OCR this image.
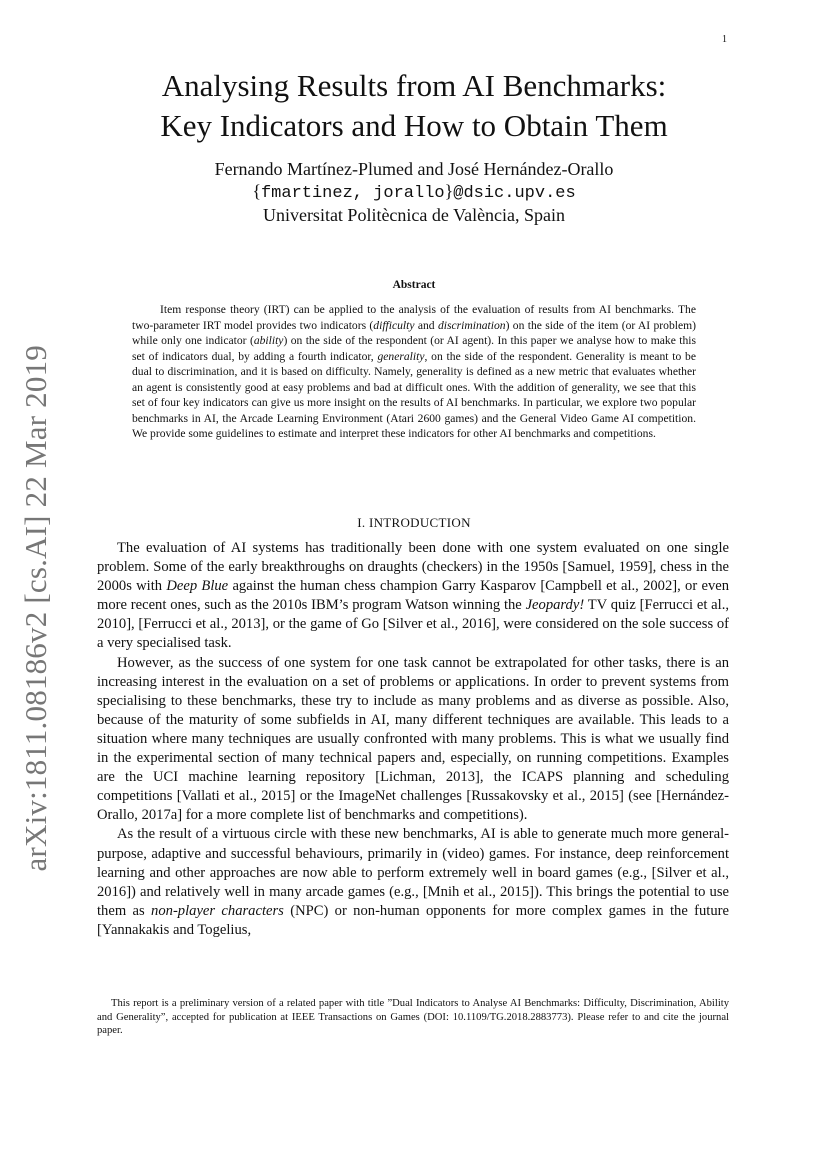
1
arXiv:1811.08186v2 [cs.AI] 22 Mar 2019
Analysing Results from AI Benchmarks:
Key Indicators and How to Obtain Them
Fernando Martínez-Plumed and José Hernández-Orallo
{fmartinez, jorallo}@dsic.upv.es
Universitat Politècnica de València, Spain
Abstract

Item response theory (IRT) can be applied to the analysis of the evaluation of results from AI benchmarks. The two-parameter IRT model provides two indicators (difficulty and discrimination) on the side of the item (or AI problem) while only one indicator (ability) on the side of the respondent (or AI agent). In this paper we analyse how to make this set of indicators dual, by adding a fourth indicator, generality, on the side of the respondent. Generality is meant to be dual to discrimination, and it is based on difficulty. Namely, generality is defined as a new metric that evaluates whether an agent is consistently good at easy problems and bad at difficult ones. With the addition of generality, we see that this set of four key indicators can give us more insight on the results of AI benchmarks. In particular, we explore two popular benchmarks in AI, the Arcade Learning Environment (Atari 2600 games) and the General Video Game AI competition. We provide some guidelines to estimate and interpret these indicators for other AI benchmarks and competitions.

I. INTRODUCTION

The evaluation of AI systems has traditionally been done with one system evaluated on one single problem. Some of the early breakthroughs on draughts (checkers) in the 1950s [Samuel, 1959], chess in the 2000s with Deep Blue against the human chess champion Garry Kasparov [Campbell et al., 2002], or even more recent ones, such as the 2010s IBM’s program Watson winning the Jeopardy! TV quiz [Ferrucci et al., 2010], [Ferrucci et al., 2013], or the game of Go [Silver et al., 2016], were considered on the sole success of a very specialised task.

However, as the success of one system for one task cannot be extrapolated for other tasks, there is an increasing interest in the evaluation on a set of problems or applications. In order to prevent systems from specialising to these benchmarks, these try to include as many problems and as diverse as possible. Also, because of the maturity of some subfields in AI, many different techniques are available. This leads to a situation where many techniques are usually confronted with many problems. This is what we usually find in the experimental section of many technical papers and, especially, on running competitions. Examples are the UCI machine learning repository [Lichman, 2013], the ICAPS planning and scheduling competitions [Vallati et al., 2015] or the ImageNet challenges [Russakovsky et al., 2015] (see [Hernández-Orallo, 2017a] for a more complete list of benchmarks and competitions).

As the result of a virtuous circle with these new benchmarks, AI is able to generate much more general-purpose, adaptive and successful behaviours, primarily in (video) games. For instance, deep reinforcement learning and other approaches are now able to perform extremely well in board games (e.g., [Silver et al., 2016]) and relatively well in many arcade games (e.g., [Mnih et al., 2015]). This brings the potential to use them as non-player characters (NPC) or non-human opponents for more complex games in the future [Yannakakis and Togelius,

This report is a preliminary version of a related paper with title ”Dual Indicators to Analyse AI Benchmarks: Difficulty, Discrimination, Ability and Generality”, accepted for publication at IEEE Transactions on Games (DOI: 10.1109/TG.2018.2883773). Please refer to and cite the journal paper.
